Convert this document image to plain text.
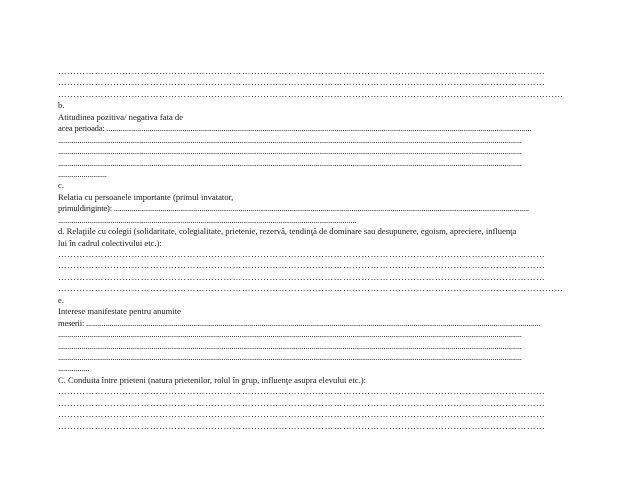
……………………………………………………………………………………………………………………………………………
……………………………………………………………………………………………………………………………………………
…………………………………………………………………………………………………………………………………………………
b.
Atitudinea pozitiva/ negativa fata de
acea perioada: ..........................................................................................................................................................................................................................
..............................................................................................................................................................................................................................................
..............................................................................................................................................................................................................................................
..............................................................................................................................................................................................................................................
.........................
c.
Relatia cu persoanele importante (primul invatator,
primuldiriginte): .....................................................................................................................................................................................................................
.........................................................................................................................................................
d. Relaţiile cu colegii (solidaritate, colegialitate, prietenie, rezervă, tendinţă de dominare sau desupunere, egoism, apreciere, influenţa
lui în cadrul colectivului etc.):
……………………………………………………………………………………………………………………………………………
……………………………………………………………………………………………………………………………………………
……………………………………………………………………………………………………………………………………………
…………………………………………………………………………………………………………………………………………………
e.
Interese manifestate pentru anumite
meserii: .........................................................................................................................................................................................................................................
..............................................................................................................................................................................................................................................
..............................................................................................................................................................................................................................................
..............................................................................................................................................................................................................................................
................
C. Conduita între prieteni (natura prietenilor, rolul în grup, influenţe asupra elevului etc.):
……………………………………………………………………………………………………………………………………………
……………………………………………………………………………………………………………………………………………
……………………………………………………………………………………………………………………………………………
……………………………………………………………………………………………………………………………………………
